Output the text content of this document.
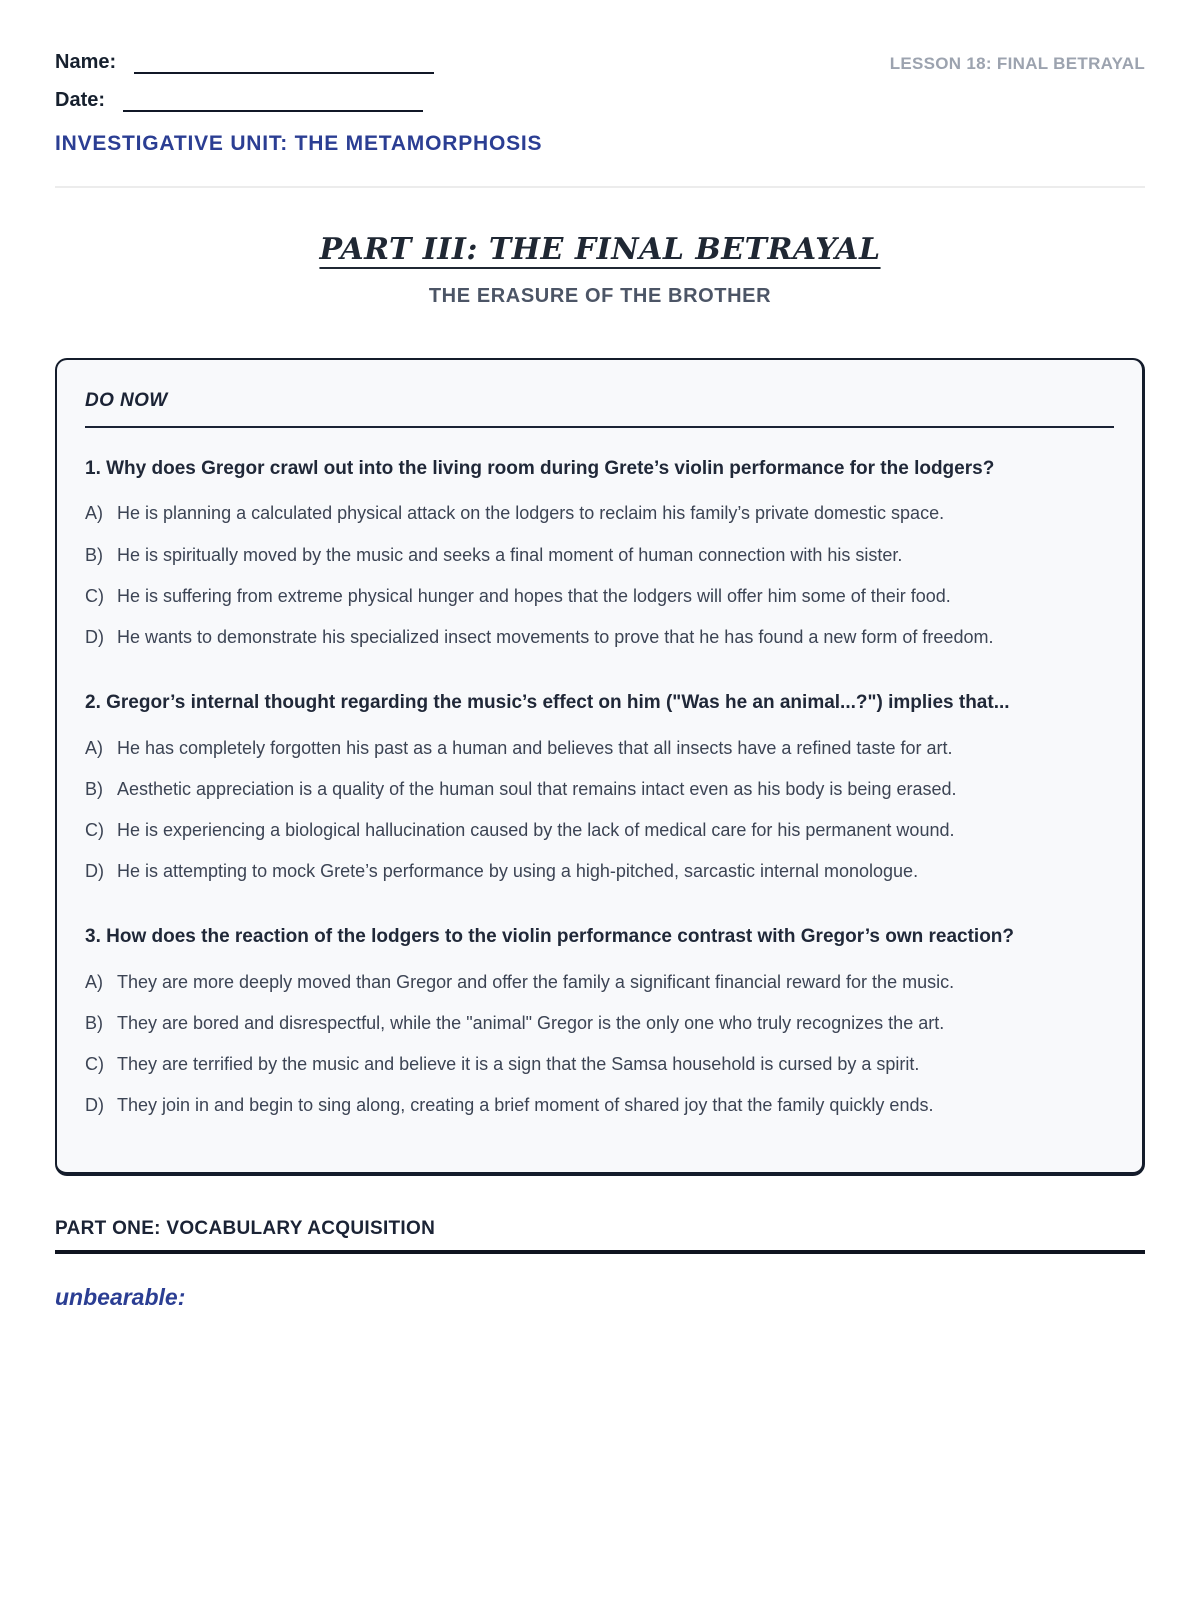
Name:
Date:
LESSON 18: FINAL BETRAYAL
INVESTIGATIVE UNIT: THE METAMORPHOSIS
PART III: THE FINAL BETRAYAL
THE ERASURE OF THE BROTHER
DO NOW
1. Why does Gregor crawl out into the living room during Grete’s violin performance for the lodgers?
A) He is planning a calculated physical attack on the lodgers to reclaim his family’s private domestic space.
B) He is spiritually moved by the music and seeks a final moment of human connection with his sister.
C) He is suffering from extreme physical hunger and hopes that the lodgers will offer him some of their food.
D) He wants to demonstrate his specialized insect movements to prove that he has found a new form of freedom.
2. Gregor’s internal thought regarding the music’s effect on him ("Was he an animal...?") implies that...
A) He has completely forgotten his past as a human and believes that all insects have a refined taste for art.
B) Aesthetic appreciation is a quality of the human soul that remains intact even as his body is being erased.
C) He is experiencing a biological hallucination caused by the lack of medical care for his permanent wound.
D) He is attempting to mock Grete’s performance by using a high-pitched, sarcastic internal monologue.
3. How does the reaction of the lodgers to the violin performance contrast with Gregor’s own reaction?
A) They are more deeply moved than Gregor and offer the family a significant financial reward for the music.
B) They are bored and disrespectful, while the "animal" Gregor is the only one who truly recognizes the art.
C) They are terrified by the music and believe it is a sign that the Samsa household is cursed by a spirit.
D) They join in and begin to sing along, creating a brief moment of shared joy that the family quickly ends.
PART ONE: VOCABULARY ACQUISITION
unbearable:
